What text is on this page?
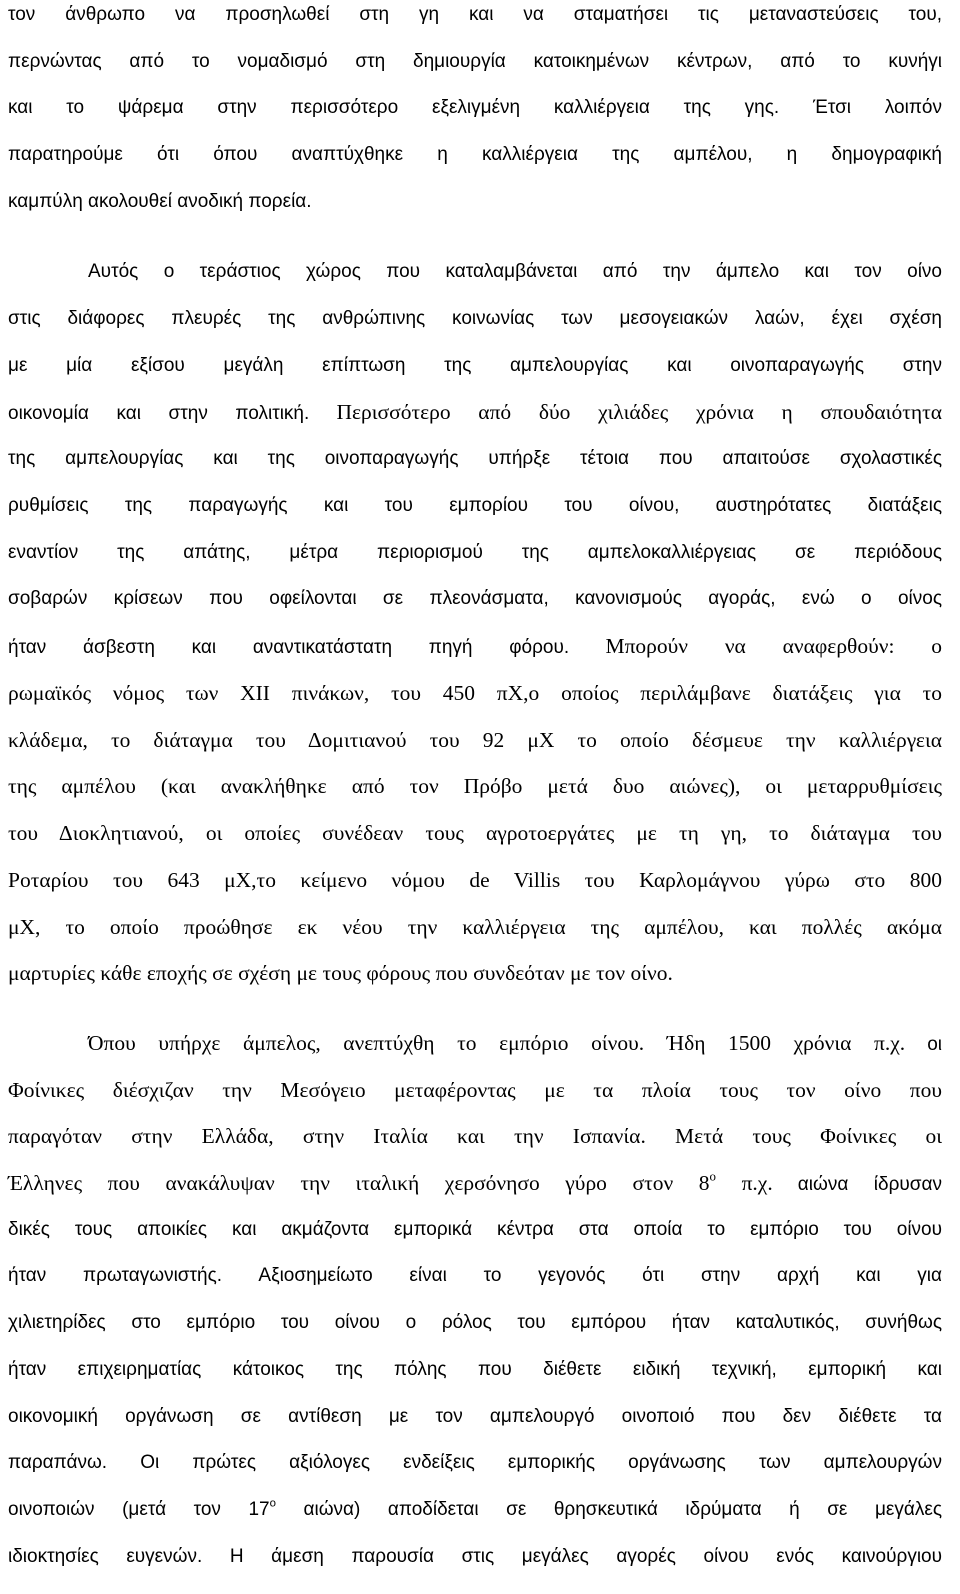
τον άνθρωπο να προσηλωθεί στη γη και να σταματήσει τις μεταναστεύσεις του,
περνώντας από το νομαδισμό στη δημιουργία κατοικημένων κέντρων, από το κυνήγι
και το ψάρεμα στην περισσότερο εξελιγμένη καλλιέργεια της γης. Έτσι λοιπόν
παρατηρούμε ότι όπου αναπτύχθηκε η καλλιέργεια της αμπέλου, η δημογραφική
καμπύλη ακολουθεί ανοδική πορεία.
Αυτός ο τεράστιος χώρος που καταλαμβάνεται από την άμπελο και τον οίνο
στις διάφορες πλευρές της ανθρώπινης κοινωνίας των μεσογειακών λαών, έχει σχέση
με μία εξίσου μεγάλη επίπτωση της αμπελουργίας και οινοπαραγωγής στην
οικονομία και στην πολιτική. Περισσότερο από δύο χιλιάδες χρόνια η σπουδαιότητα
της αμπελουργίας και της οινοπαραγωγής υπήρξε τέτοια που απαιτούσε σχολαστικές
ρυθμίσεις της παραγωγής και του εμπορίου του οίνου, αυστηρότατες διατάξεις
εναντίον της απάτης, μέτρα περιορισμού της αμπελοκαλλιέργειας σε περιόδους
σοβαρών κρίσεων που οφείλονται σε πλεονάσματα, κανονισμούς αγοράς, ενώ ο οίνος
ήταν άσβεστη και αναντικατάστατη πηγή φόρου. Μπορούν να αναφερθούν: ο
ρωμαϊκός νόμος των XII πινάκων, του 450 πΧ,ο οποίος περιλάμβανε διατάξεις για το
κλάδεμα, το διάταγμα του Δομιτιανού του 92 μΧ το οποίο δέσμευε την καλλιέργεια
της αμπέλου (και ανακλήθηκε από τον Πρόβο μετά δυο αιώνες), οι μεταρρυθμίσεις
του Διοκλητιανού, οι οποίες συνέδεαν τους αγροτοεργάτες με τη γη, το διάταγμα του
Ροταρίου του 643 μΧ,το κείμενο νόμου de Villis του Καρλομάγνου γύρω στο 800
μΧ, το οποίο προώθησε εκ νέου την καλλιέργεια της αμπέλου, και πολλές ακόμα
μαρτυρίες κάθε εποχής σε σχέση με τους φόρους που συνδεόταν με τον οίνο.
Όπου υπήρχε άμπελος, ανεπτύχθη το εμπόριο οίνου. Ήδη 1500 χρόνια π.χ. οι
Φοίνικες διέσχιζαν την Μεσόγειο μεταφέροντας με τα πλοία τους τον οίνο που
παραγόταν στην Ελλάδα, στην Ιταλία και την Ισπανία. Μετά τους Φοίνικες οι
Έλληνες που ανακάλυψαν την ιταλική χερσόνησο γύρο στον $8^o$ π.χ. αιώνα ίδρυσαν
δικές τους αποικίες και ακμάζοντα εμπορικά κέντρα στα οποία το εμπόριο του οίνου
ήταν πρωταγωνιστής. Αξιοσημείωτο είναι το γεγονός ότι στην αρχή και για
χιλιετηρίδες στο εμπόριο του οίνου ο ρόλος του εμπόρου ήταν καταλυτικός, συνήθως
ήταν επιχειρηματίας κάτοικος της πόλης που διέθετε ειδική τεχνική, εμπορική και
οικονομική οργάνωση σε αντίθεση με τον αμπελουργό οινοποιό που δεν διέθετε τα
παραπάνω. Οι πρώτες αξιόλογες ενδείξεις εμπορικής οργάνωσης των αμπελουργών
οινοποιών (μετά τον $17^o$ αιώνα) αποδίδεται σε θρησκευτικά ιδρύματα ή σε μεγάλες
ιδιοκτησίες ευγενών. Η άμεση παρουσία στις μεγάλες αγορές οίνου ενός καινούργιου
